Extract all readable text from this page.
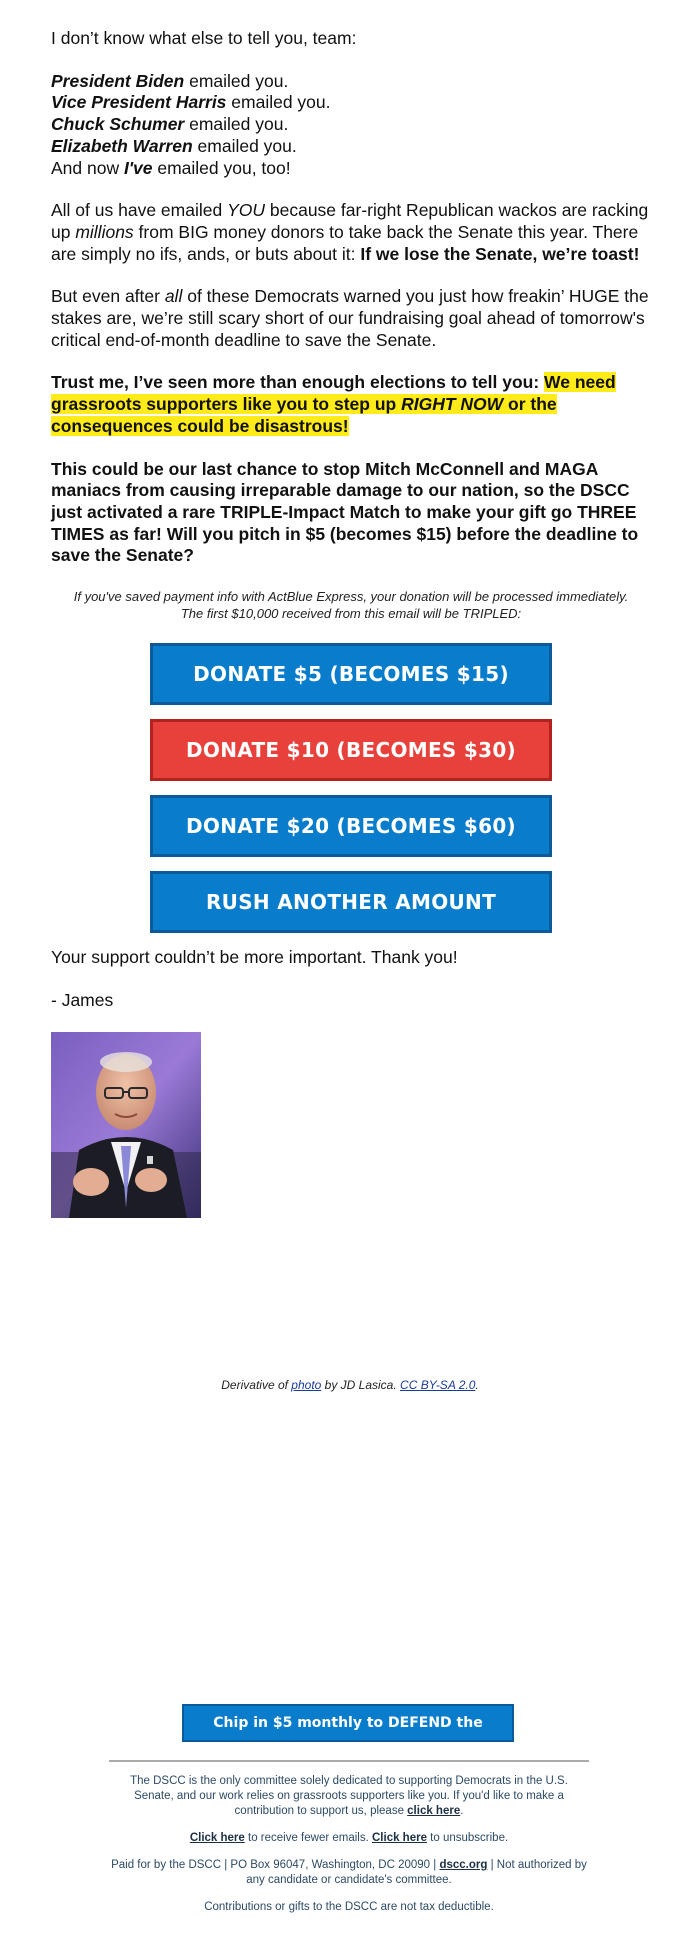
I don’t know what else to tell you, team:

President Biden emailed you.
Vice President Harris emailed you.
Chuck Schumer emailed you.
Elizabeth Warren emailed you.
And now I've emailed you, too!

All of us have emailed YOU because far-right Republican wackos are racking up millions from BIG money donors to take back the Senate this year. There are simply no ifs, ands, or buts about it: If we lose the Senate, we’re toast!

But even after all of these Democrats warned you just how freakin’ HUGE the stakes are, we’re still scary short of our fundraising goal ahead of tomorrow's critical end-of-month deadline to save the Senate.

Trust me, I’ve seen more than enough elections to tell you: We need grassroots supporters like you to step up RIGHT NOW or the consequences could be disastrous!

This could be our last chance to stop Mitch McConnell and MAGA maniacs from causing irreparable damage to our nation, so the DSCC just activated a rare TRIPLE-Impact Match to make your gift go THREE TIMES as far! Will you pitch in $5 (becomes $15) before the deadline to save the Senate?

If you've saved payment info with ActBlue Express, your donation will be processed immediately.
The first $10,000 received from this email will be TRIPLED:

DONATE $5 (BECOMES $15)
DONATE $10 (BECOMES $30)
DONATE $20 (BECOMES $60)
RUSH ANOTHER AMOUNT

Your support couldn’t be more important. Thank you!

- James

Derivative of photo by JD Lasica. CC BY-SA 2.0.
Chip in $5 monthly to DEFEND the Senate >>

The DSCC is the only committee solely dedicated to supporting Democrats in the U.S. Senate, and our work relies on grassroots supporters like you. If you'd like to make a contribution to support us, please click here.

Click here to receive fewer emails. Click here to unsubscribe.

Paid for by the DSCC | PO Box 96047, Washington, DC 20090 | dscc.org | Not authorized by any candidate or candidate's committee.

Contributions or gifts to the DSCC are not tax deductible.
